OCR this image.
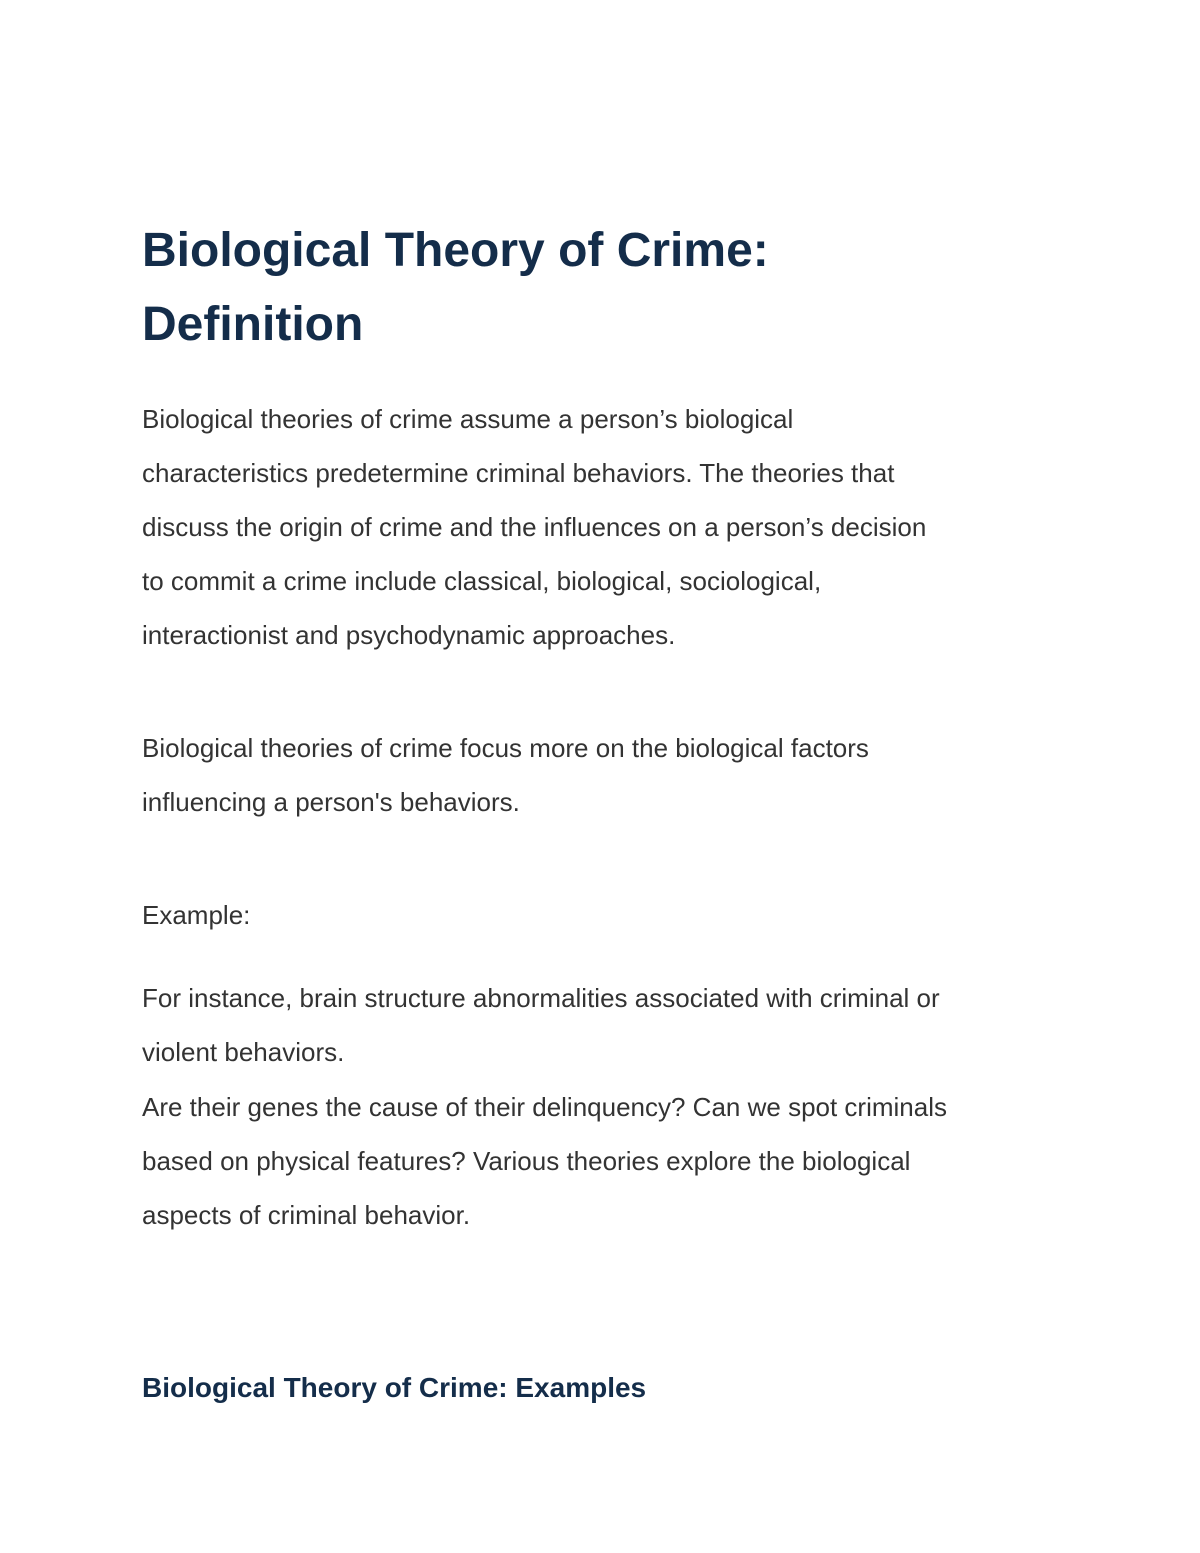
Biological Theory of Crime:
Definition

Biological theories of crime assume a person’s biological
characteristics predetermine criminal behaviors. The theories that
discuss the origin of crime and the influences on a person’s decision
to commit a crime include classical, biological, sociological,
interactionist and psychodynamic approaches.

Biological theories of crime focus more on the biological factors
influencing a person's behaviors.

Example:

For instance, brain structure abnormalities associated with criminal or
violent behaviors.

Are their genes the cause of their delinquency? Can we spot criminals
based on physical features? Various theories explore the biological
aspects of criminal behavior.

Biological Theory of Crime: Examples
